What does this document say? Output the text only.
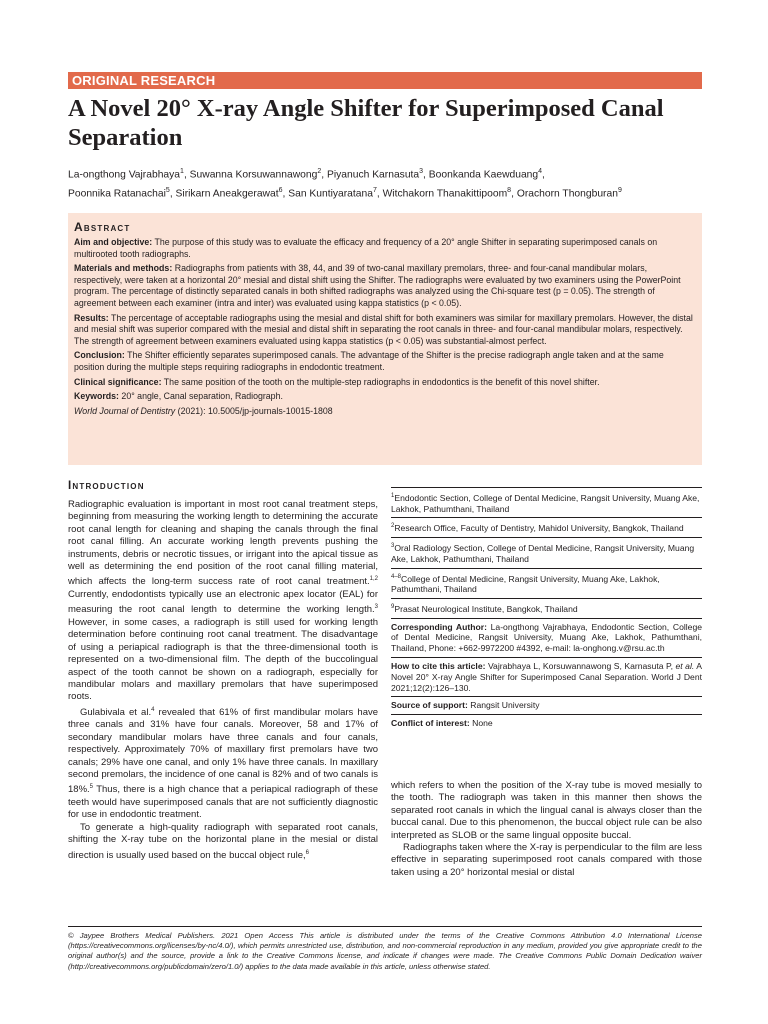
ORIGINAL RESEARCH
A Novel 20° X-ray Angle Shifter for Superimposed Canal Separation
La-ongthong Vajrabhaya$^1$, Suwanna Korsuwannawong$^2$, Piyanuch Karnasuta$^3$, Boonkanda Kaewduang$^4$,
Poonnika Ratanachai$^5$, Sirikarn Aneakgerawat$^6$, San Kuntiyaratana$^7$, Witchakorn Thanakittipoom$^8$, Orachorn Thongburan$^9$
Abstract

Aim and objective: The purpose of this study was to evaluate the efficacy and frequency of a 20° angle Shifter in separating superimposed canals on multirooted tooth radiographs.

Materials and methods: Radiographs from patients with 38, 44, and 39 of two-canal maxillary premolars, three- and four-canal mandibular molars, respectively, were taken at a horizontal 20° mesial and distal shift using the Shifter. The radiographs were evaluated by two examiners using the PowerPoint program. The percentage of distinctly separated canals in both shifted radiographs was analyzed using the Chi-square test (p = 0.05). The strength of agreement between each examiner (intra and inter) was evaluated using kappa statistics (p < 0.05).

Results: The percentage of acceptable radiographs using the mesial and distal shift for both examiners was similar for maxillary premolars. However, the distal and mesial shift was superior compared with the mesial and distal shift in separating the root canals in three- and four-canal mandibular molars, respectively. The strength of agreement between examiners evaluated using kappa statistics (p < 0.05) was substantial-almost perfect.

Conclusion: The Shifter efficiently separates superimposed canals. The advantage of the Shifter is the precise radiograph angle taken and at the same position during the multiple steps requiring radiographs in endodontic treatment.

Clinical significance: The same position of the tooth on the multiple-step radiographs in endodontics is the benefit of this novel shifter.

Keywords: 20° angle, Canal separation, Radiograph.

World Journal of Dentistry (2021): 10.5005/jp-journals-10015-1808

Introduction

Radiographic evaluation is important in most root canal treatment steps, beginning from measuring the working length to determining the accurate root canal length for cleaning and shaping the canals through the final root canal filling. An accurate working length prevents pushing the instruments, debris or necrotic tissues, or irrigant into the apical tissue as well as determining the end position of the root canal filling material, which affects the long-term success rate of root canal treatment.$^{1,2}$ Currently, endodontists typically use an electronic apex locator (EAL) for measuring the root canal length to determine the working length.$^3$ However, in some cases, a radiograph is still used for working length determination before continuing root canal treatment. The disadvantage of using a periapical radiograph is that the three-dimensional tooth is represented on a two-dimensional film. The depth of the buccolingual aspect of the tooth cannot be shown on a radiograph, especially for mandibular molars and maxillary premolars that have superimposed roots.

Gulabivala et al.$^4$ revealed that 61% of first mandibular molars have three canals and 31% have four canals. Moreover, 58 and 17% of secondary mandibular molars have three canals and four canals, respectively. Approximately 70% of maxillary first premolars have two canals; 29% have one canal, and only 1% have three canals. In maxillary second premolars, the incidence of one canal is 82% and of two canals is 18%.$^5$ Thus, there is a high chance that a periapical radiograph of these teeth would have superimposed canals that are not sufficiently diagnostic for use in endodontic treatment.

To generate a high-quality radiograph with separated root canals, shifting the X-ray tube on the horizontal plane in the mesial or distal direction is usually used based on the buccal object rule,$^6$

$^1$Endodontic Section, College of Dental Medicine, Rangsit University, Muang Ake, Lakhok, Pathumthani, Thailand
$^2$Research Office, Faculty of Dentistry, Mahidol University, Bangkok, Thailand
$^3$Oral Radiology Section, College of Dental Medicine, Rangsit University, Muang Ake, Lakhok, Pathumthani, Thailand
$^{4-8}$College of Dental Medicine, Rangsit University, Muang Ake, Lakhok, Pathumthani, Thailand
$^9$Prasat Neurological Institute, Bangkok, Thailand
Corresponding Author: La-ongthong Vajrabhaya, Endodontic Section, College of Dental Medicine, Rangsit University, Muang Ake, Lakhok, Pathumthani, Thailand, Phone: +662-9972200 #4392, e-mail: la-onghong.v@rsu.ac.th
How to cite this article: Vajrabhaya L, Korsuwannawong S, Karnasuta P, et al. A Novel 20° X-ray Angle Shifter for Superimposed Canal Separation. World J Dent 2021;12(2):126–130.
Source of support: Rangsit University
Conflict of interest: None

which refers to when the position of the X-ray tube is moved mesially to the tooth. The radiograph was taken in this manner then shows the separated root canals in which the lingual canal is always closer than the buccal canal. Due to this phenomenon, the buccal object rule can be also interpreted as SLOB or the same lingual opposite buccal.

Radiographs taken where the X-ray is perpendicular to the film are less effective in separating superimposed root canals compared with those taken using a 20° horizontal mesial or distal

© Jaypee Brothers Medical Publishers. 2021 Open Access This article is distributed under the terms of the Creative Commons Attribution 4.0 International License (https://creativecommons.org/licenses/by-nc/4.0/), which permits unrestricted use, distribution, and non-commercial reproduction in any medium, provided you give appropriate credit to the original author(s) and the source, provide a link to the Creative Commons license, and indicate if changes were made. The Creative Commons Public Domain Dedication waiver (http://creativecommons.org/publicdomain/zero/1.0/) applies to the data made available in this article, unless otherwise stated.
